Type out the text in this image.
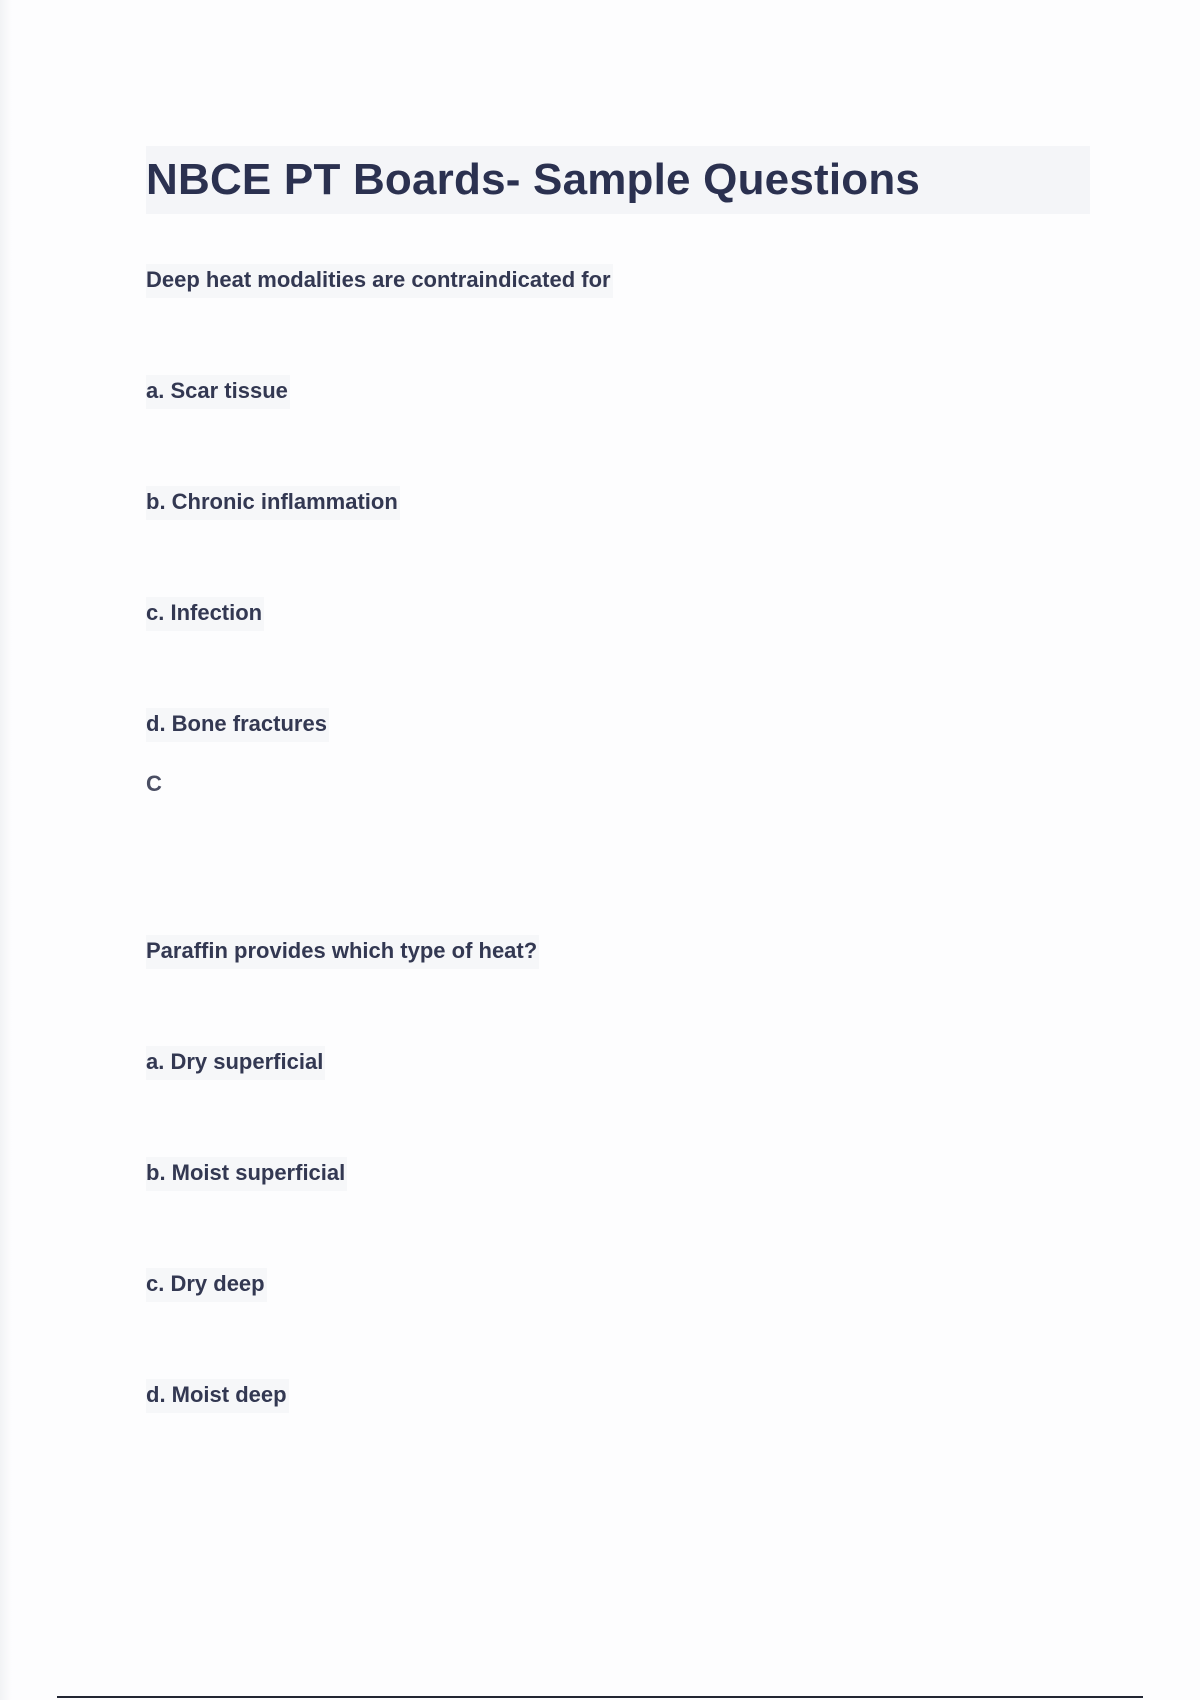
NBCE PT Boards- Sample Questions
Deep heat modalities are contraindicated for
a. Scar tissue
b. Chronic inflammation
c. Infection
d. Bone fractures
C
Paraffin provides which type of heat?
a. Dry superficial
b. Moist superficial
c. Dry deep
d. Moist deep
